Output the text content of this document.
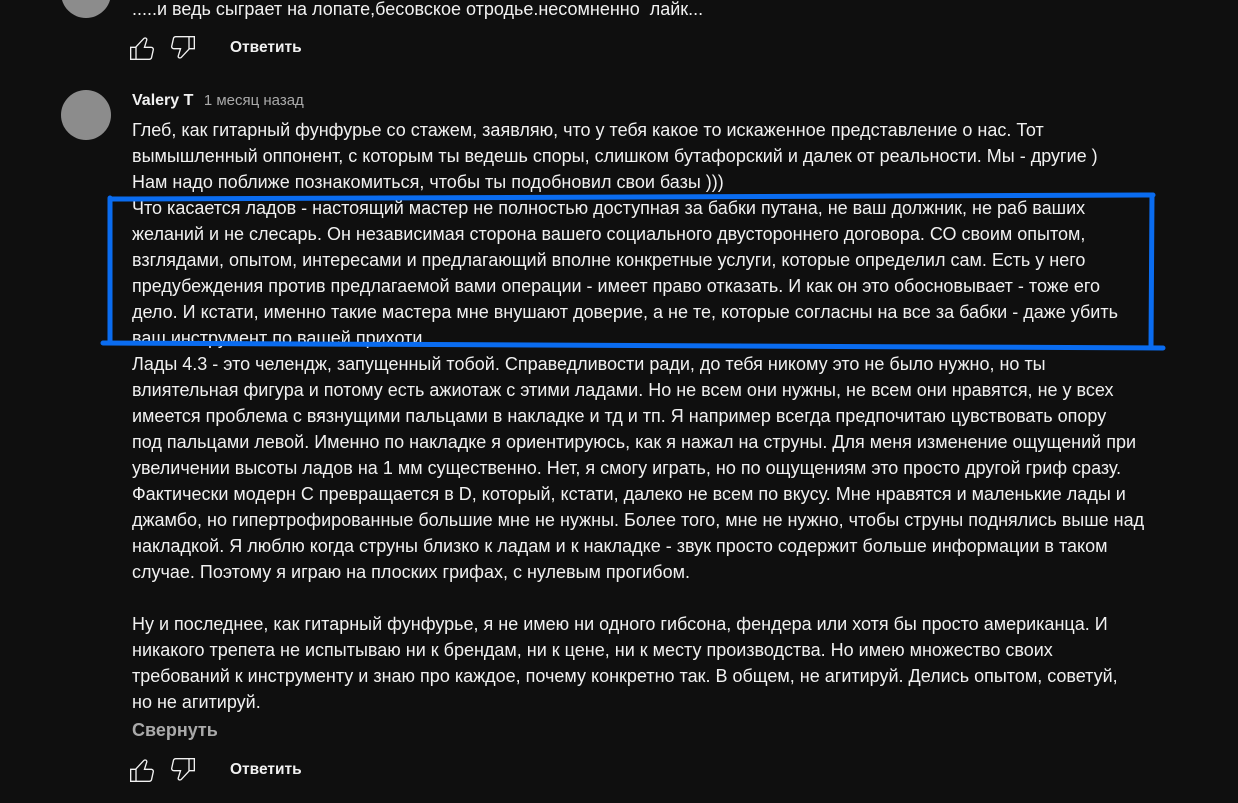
.....и ведь сыграет на лопате,бесовское отродье.несомненно  лайк...
Ответить
Valery T 1 месяц назад
Глеб, как гитарный фунфурье со стажем, заявляю, что у тебя какое то искаженное представление о нас. Тот
вымышленный оппонент, с которым ты ведешь споры, слишком бутафорский и далек от реальности. Мы - другие )
Нам надо поближе познакомиться, чтобы ты подобновил свои базы )))
Что касается ладов - настоящий мастер не полностью доступная за бабки путана, не ваш должник, не раб ваших
желаний и не слесарь. Он независимая сторона вашего социального двустороннего договора. СО своим опытом,
взглядами, опытом, интересами и предлагающий вполне конкретные услуги, которые определил сам. Есть у него
предубеждения против предлагаемой вами операции - имеет право отказать. И как он это обосновывает - тоже его
дело. И кстати, именно такие мастера мне внушают доверие, а не те, которые согласны на все за бабки - даже убить
ваш инструмент по вашей прихоти.
Лады 4.3 - это челендж, запущенный тобой. Справедливости ради, до тебя никому это не было нужно, но ты
влиятельная фигура и потому есть ажиотаж с этими ладами. Но не всем они нужны, не всем они нравятся, не у всех
имеется проблема с вязнущими пальцами в накладке и тд и тп. Я например всегда предпочитаю цувствовать опору
под пальцами левой. Именно по накладке я ориентируюсь, как я нажал на струны. Для меня изменение ощущений при
увеличении высоты ладов на 1 мм существенно. Нет, я смогу играть, но по ощущениям это просто другой гриф сразу.
Фактически модерн С превращается в D, который, кстати, далеко не всем по вкусу. Мне нравятся и маленькие лады и
джамбо, но гипертрофированные большие мне не нужны. Более того, мне не нужно, чтобы струны поднялись выше над
накладкой. Я люблю когда струны близко к ладам и к накладке - звук просто содержит больше информации в таком
случае. Поэтому я играю на плоских грифах, с нулевым прогибом.
Ну и последнее, как гитарный фунфурье, я не имею ни одного гибсона, фендера или хотя бы просто американца. И
никакого трепета не испытываю ни к брендам, ни к цене, ни к месту производства. Но имею множество своих
требований к инструменту и знаю про каждое, почему конкретно так. В общем, не агитируй. Делись опытом, советуй,
но не агитируй.
Свернуть
Ответить
